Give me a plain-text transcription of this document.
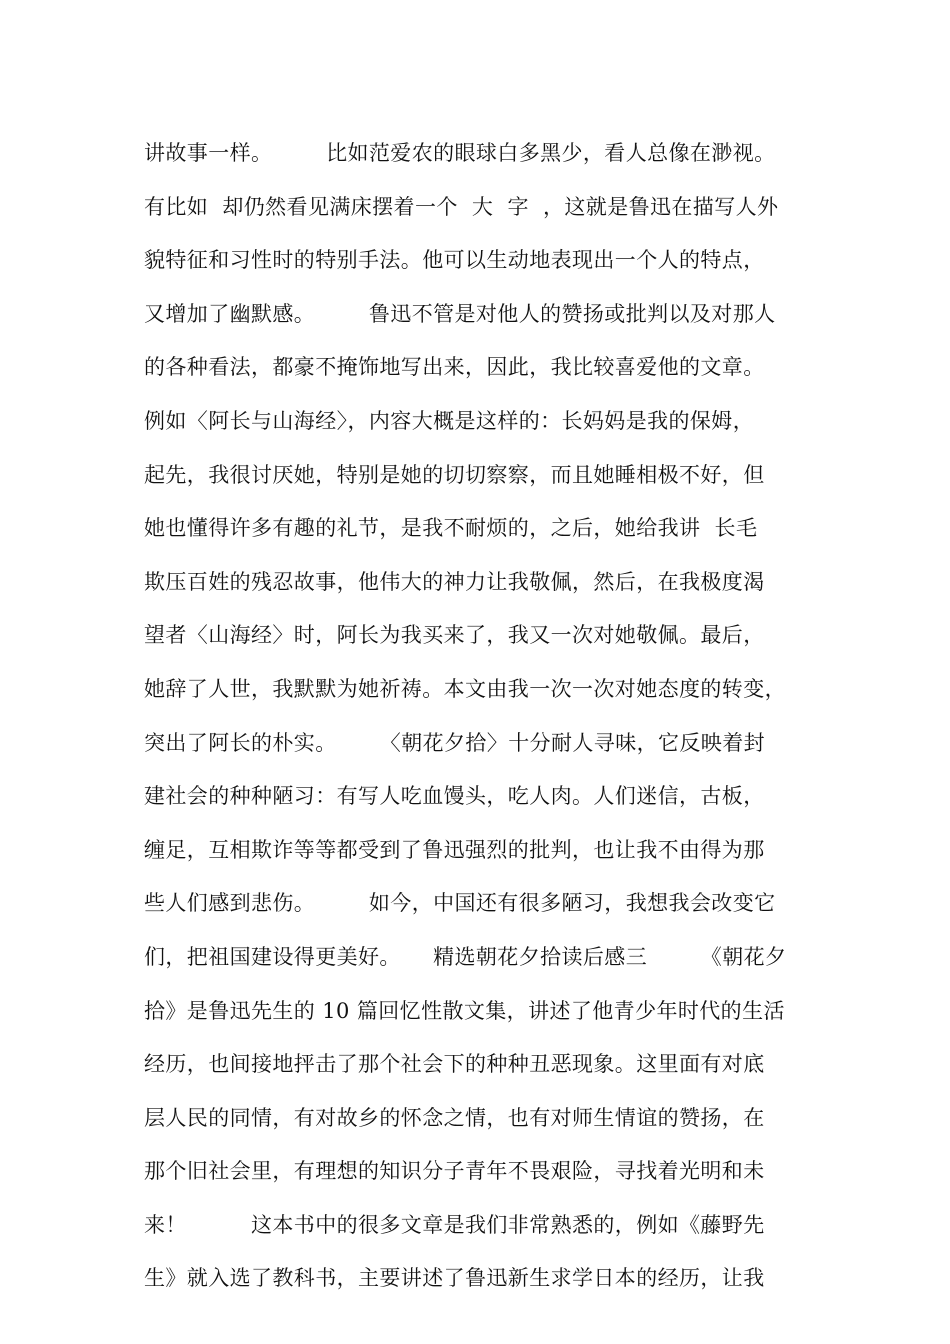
讲故事一样。　　　比如范爱农的眼球白多黑少，看人总像在渺视。
有比如  却仍然看见满床摆着一个  大  字  ，这就是鲁迅在描写人外
貌特征和习性时的特别手法。他可以生动地表现出一个人的特点，
又增加了幽默感。　　　鲁迅不管是对他人的赞扬或批判以及对那人
的各种看法，都豪不掩饰地写出来，因此，我比较喜爱他的文章。
例如〈阿长与山海经〉，内容大概是这样的：长妈妈是我的保姆，
起先，我很讨厌她，特别是她的切切察察，而且她睡相极不好，但
她也懂得许多有趣的礼节，是我不耐烦的，之后，她给我讲  长毛
欺压百姓的残忍故事，他伟大的神力让我敬佩，然后，在我极度渴
望者〈山海经〉时，阿长为我买来了，我又一次对她敬佩。最后，
她辞了人世，我默默为她祈祷。本文由我一次一次对她态度的转变，
突出了阿长的朴实。　　　〈朝花夕拾〉十分耐人寻味，它反映着封
建社会的种种陋习：有写人吃血馒头，吃人肉。人们迷信，古板，
缠足，互相欺诈等等都受到了鲁迅强烈的批判，也让我不由得为那
些人们感到悲伤。　　　如今，中国还有很多陋习，我想我会改变它
们，把祖国建设得更美好。　　精选朝花夕拾读后感三　　　《朝花夕
拾》是鲁迅先生的 10 篇回忆性散文集，讲述了他青少年时代的生活
经历，也间接地抨击了那个社会下的种种丑恶现象。这里面有对底
层人民的同情，有对故乡的怀念之情，也有对师生情谊的赞扬，在
那个旧社会里，有理想的知识分子青年不畏艰险，寻找着光明和未
来！　　　这本书中的很多文章是我们非常熟悉的，例如《藤野先
生》就入选了教科书，主要讲述了鲁迅新生求学日本的经历，让我
